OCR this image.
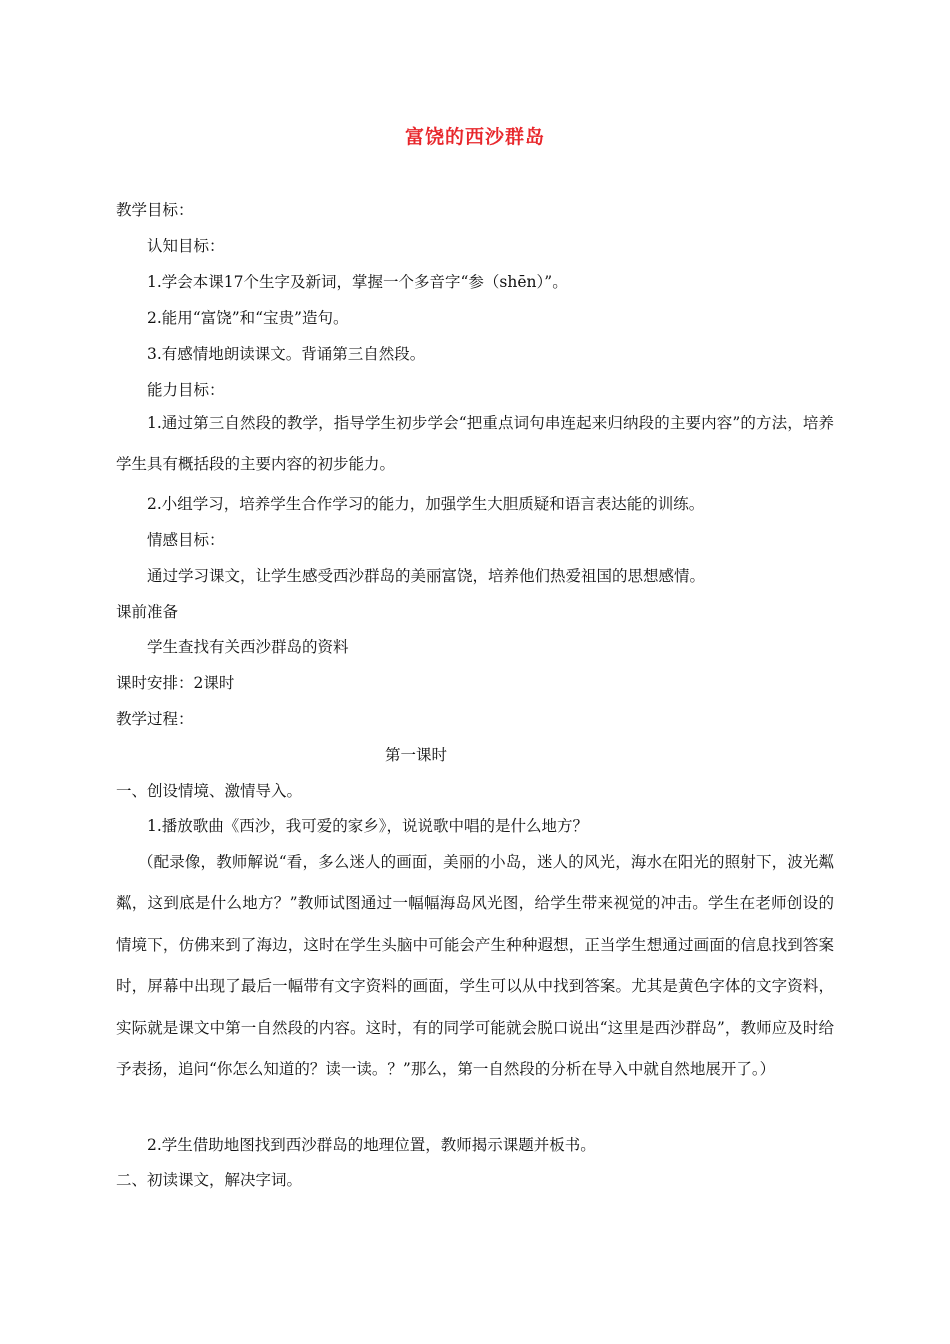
富饶的西沙群岛
教学目标：
认知目标：
1.学会本课17个生字及新词，掌握一个多音字“参（shēn）”。
2.能用“富饶”和“宝贵”造句。
3.有感情地朗读课文。背诵第三自然段。
能力目标：
1.通过第三自然段的教学，指导学生初步学会“把重点词句串连起来归纳段的主要内容”的方法，培养学生具有概括段的主要内容的初步能力。
2.小组学习，培养学生合作学习的能力，加强学生大胆质疑和语言表达能的训练。
情感目标：
通过学习课文，让学生感受西沙群岛的美丽富饶，培养他们热爱祖国的思想感情。
课前准备
学生查找有关西沙群岛的资料
课时安排：2课时
教学过程：
第一课时
一、创设情境、激情导入。
1.播放歌曲《西沙，我可爱的家乡》，说说歌中唱的是什么地方？
（配录像，教师解说“看，多么迷人的画面，美丽的小岛，迷人的风光，海水在阳光的照射下，波光粼粼，这到底是什么地方？”教师试图通过一幅幅海岛风光图，给学生带来视觉的冲击。学生在老师创设的情境下，仿佛来到了海边，这时在学生头脑中可能会产生种种遐想，正当学生想通过画面的信息找到答案时，屏幕中出现了最后一幅带有文字资料的画面，学生可以从中找到答案。尤其是黄色字体的文字资料，实际就是课文中第一自然段的内容。这时，有的同学可能就会脱口说出“这里是西沙群岛”，教师应及时给予表扬，追问“你怎么知道的？读一读。？”那么，第一自然段的分析在导入中就自然地展开了。）
2.学生借助地图找到西沙群岛的地理位置，教师揭示课题并板书。
二、初读课文，解决字词。
